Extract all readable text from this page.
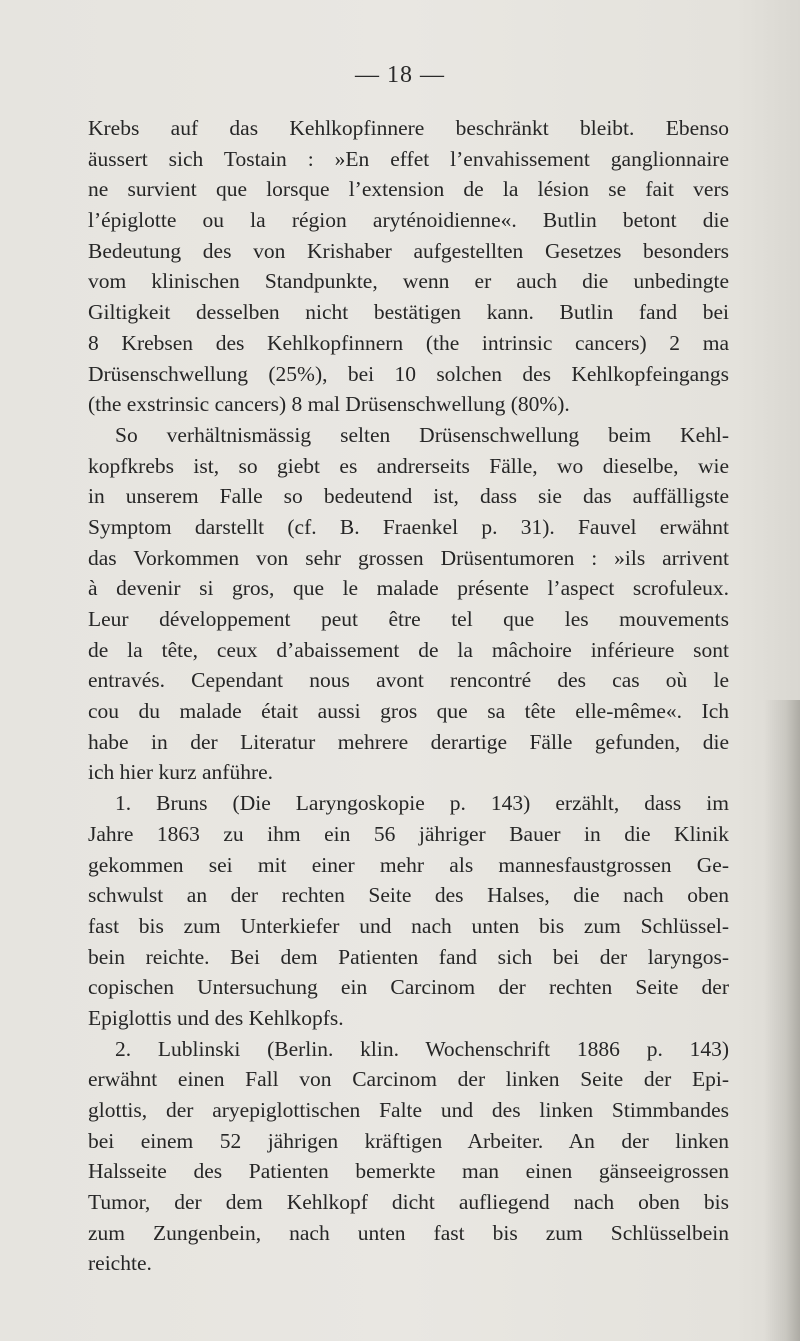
— 18 —
Krebs auf das Kehlkopfinnere beschränkt bleibt. Ebenso
äussert sich Tostain : »En effet l’envahissement ganglionnaire
ne survient que lorsque l’extension de la lésion se fait vers
l’épiglotte ou la région aryténoidienne«. Butlin betont die
Bedeutung des von Krishaber aufgestellten Gesetzes besonders
vom klinischen Standpunkte, wenn er auch die unbedingte
Giltigkeit desselben nicht bestätigen kann. Butlin fand bei
8 Krebsen des Kehlkopfinnern (the intrinsic cancers) 2 ma
Drüsenschwellung (25%), bei 10 solchen des Kehlkopfeingangs
(the exstrinsic cancers) 8 mal Drüsenschwellung (80%).
So verhältnismässig selten Drüsenschwellung beim Kehl-
kopfkrebs ist, so giebt es andrerseits Fälle, wo dieselbe, wie
in unserem Falle so bedeutend ist, dass sie das auffälligste
Symptom darstellt (cf. B. Fraenkel p. 31). Fauvel erwähnt
das Vorkommen von sehr grossen Drüsentumoren : »ils arrivent
à devenir si gros, que le malade présente l’aspect scrofuleux.
Leur développement peut être tel que les mouvements
de la tête, ceux d’abaissement de la mâchoire inférieure sont
entravés. Cependant nous avont rencontré des cas où le
cou du malade était aussi gros que sa tête elle-même«. Ich
habe in der Literatur mehrere derartige Fälle gefunden, die
ich hier kurz anführe.
1. Bruns (Die Laryngoskopie p. 143) erzählt, dass im
Jahre 1863 zu ihm ein 56 jähriger Bauer in die Klinik
gekommen sei mit einer mehr als mannesfaustgrossen Ge-
schwulst an der rechten Seite des Halses, die nach oben
fast bis zum Unterkiefer und nach unten bis zum Schlüssel-
bein reichte. Bei dem Patienten fand sich bei der laryngos-
copischen Untersuchung ein Carcinom der rechten Seite der
Epiglottis und des Kehlkopfs.
2. Lublinski (Berlin. klin. Wochenschrift 1886 p. 143)
erwähnt einen Fall von Carcinom der linken Seite der Epi-
glottis, der aryepiglottischen Falte und des linken Stimmbandes
bei einem 52 jährigen kräftigen Arbeiter. An der linken
Halsseite des Patienten bemerkte man einen gänseeigrossen
Tumor, der dem Kehlkopf dicht aufliegend nach oben bis
zum Zungenbein, nach unten fast bis zum Schlüsselbein
reichte.
